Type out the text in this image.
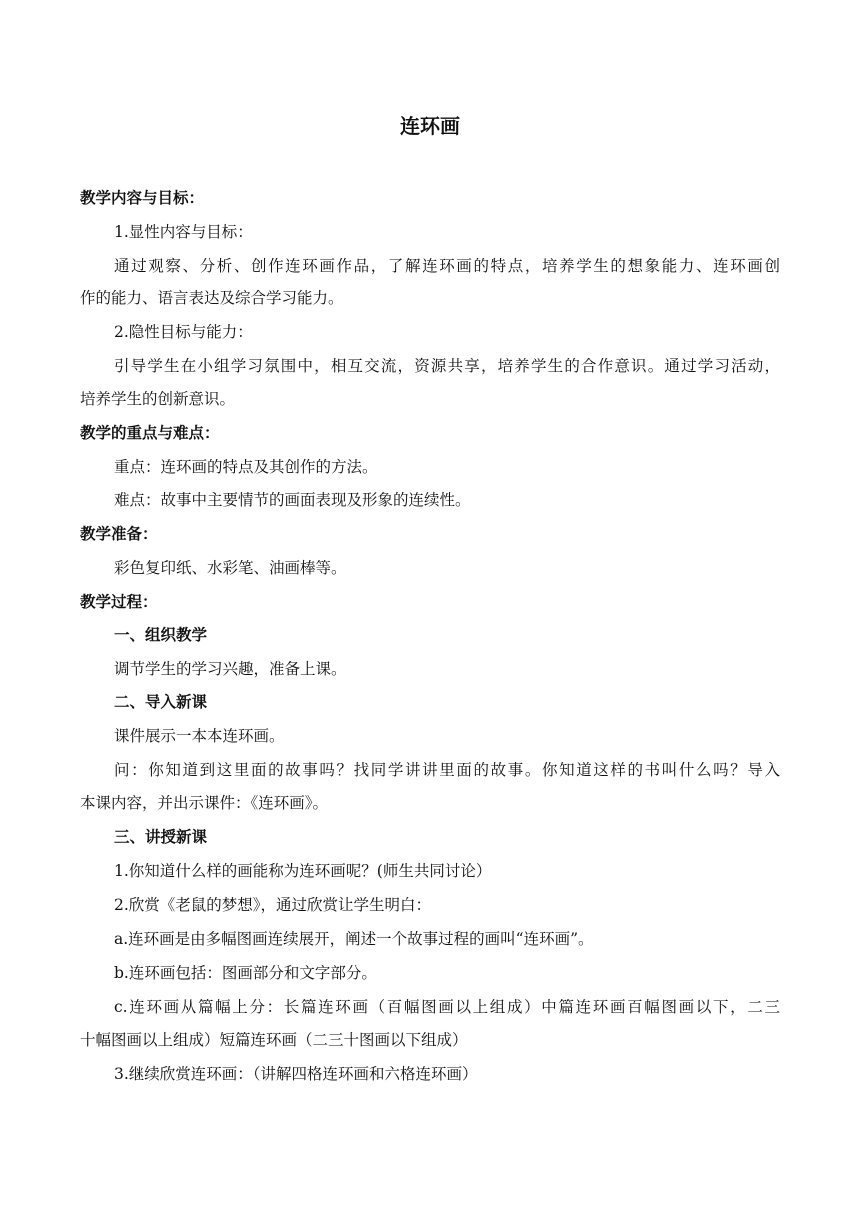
连环画
教学内容与目标：
1.显性内容与目标：
通过观察、分析、创作连环画作品，了解连环画的特点，培养学生的想象能力、连环画创
作的能力、语言表达及综合学习能力。
2.隐性目标与能力：
引导学生在小组学习氛围中，相互交流，资源共享，培养学生的合作意识。通过学习活动，
培养学生的创新意识。
教学的重点与难点：
重点：连环画的特点及其创作的方法。
难点：故事中主要情节的画面表现及形象的连续性。
教学准备：
彩色复印纸、水彩笔、油画棒等。
教学过程：
一、组织教学
调节学生的学习兴趣，准备上课。
二、导入新课
课件展示一本本连环画。
问：你知道到这里面的故事吗？找同学讲讲里面的故事。你知道这样的书叫什么吗？导入
本课内容，并出示课件：《连环画》。
三、讲授新课
1.你知道什么样的画能称为连环画呢？(师生共同讨论）
2.欣赏《老鼠的梦想》，通过欣赏让学生明白：
a.连环画是由多幅图画连续展开，阐述一个故事过程的画叫“连环画”。
b.连环画包括：图画部分和文字部分。
c.连环画从篇幅上分：长篇连环画（百幅图画以上组成）中篇连环画百幅图画以下，二三
十幅图画以上组成）短篇连环画（二三十图画以下组成）
3.继续欣赏连环画：（讲解四格连环画和六格连环画）
